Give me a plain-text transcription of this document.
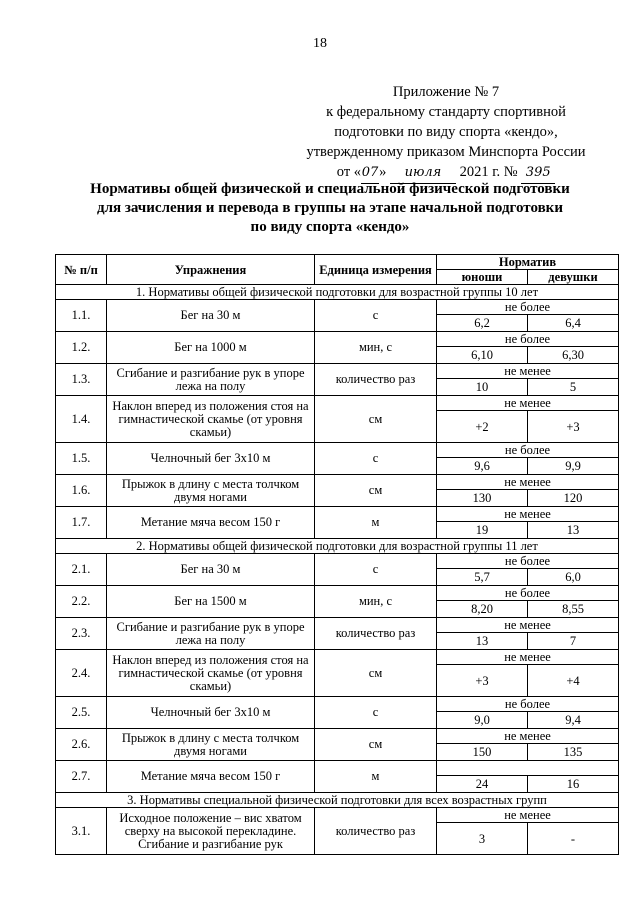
18
Приложение № 7
к федеральному стандарту спортивной
подготовки по виду спорта «кендо»,
утвержденному приказом Минспорта России
от «07» июля 2021 г. № 395
Нормативы общей физической и специальной физической подготовки
для зачисления и перевода в группы на этапе начальной подготовки
по виду спорта «кендо»
№ п/п	Упражнения	Единица измерения	Норматив	
			юноши	девушки
1. Нормативы общей физической подготовки для возрастной группы 10 лет				
1.1.	Бег на 30 м	с	не более	
			6,2	6,4
1.2.	Бег на 1000 м	мин, с	не более	
			6,10	6,30
1.3.	Сгибание и разгибание рук в упоре лежа на полу	количество раз	не менее	
			10	5
1.4.	Наклон вперед из положения стоя на гимнастической скамье (от уровня скамьи)	см	не менее	
			+2	+3
1.5.	Челночный бег 3x10 м	с	не более	
			9,6	9,9
1.6.	Прыжок в длину с места толчком двумя ногами	см	не менее	
			130	120
1.7.	Метание мяча весом 150 г	м	не менее	
			19	13
2. Нормативы общей физической подготовки для возрастной группы 11 лет				
2.1.	Бег на 30 м	с	не более	
			5,7	6,0
2.2.	Бег на 1500 м	мин, с	не более	
			8,20	8,55
2.3.	Сгибание и разгибание рук в упоре лежа на полу	количество раз	не менее	
			13	7
2.4.	Наклон вперед из положения стоя на гимнастической скамье (от уровня скамьи)	см	не менее	
			+3	+4
2.5.	Челночный бег 3x10 м	с	не более	
			9,0	9,4
2.6.	Прыжок в длину с места толчком двумя ногами	см	не менее	
			150	135
2.7.	Метание мяча весом 150 г	м		
			24	16
3. Нормативы специальной физической подготовки для всех возрастных групп				
3.1.	Исходное положение – вис хватом сверху на высокой перекладине. Сгибание и разгибание рук	количество раз	не менее	
			3	-
